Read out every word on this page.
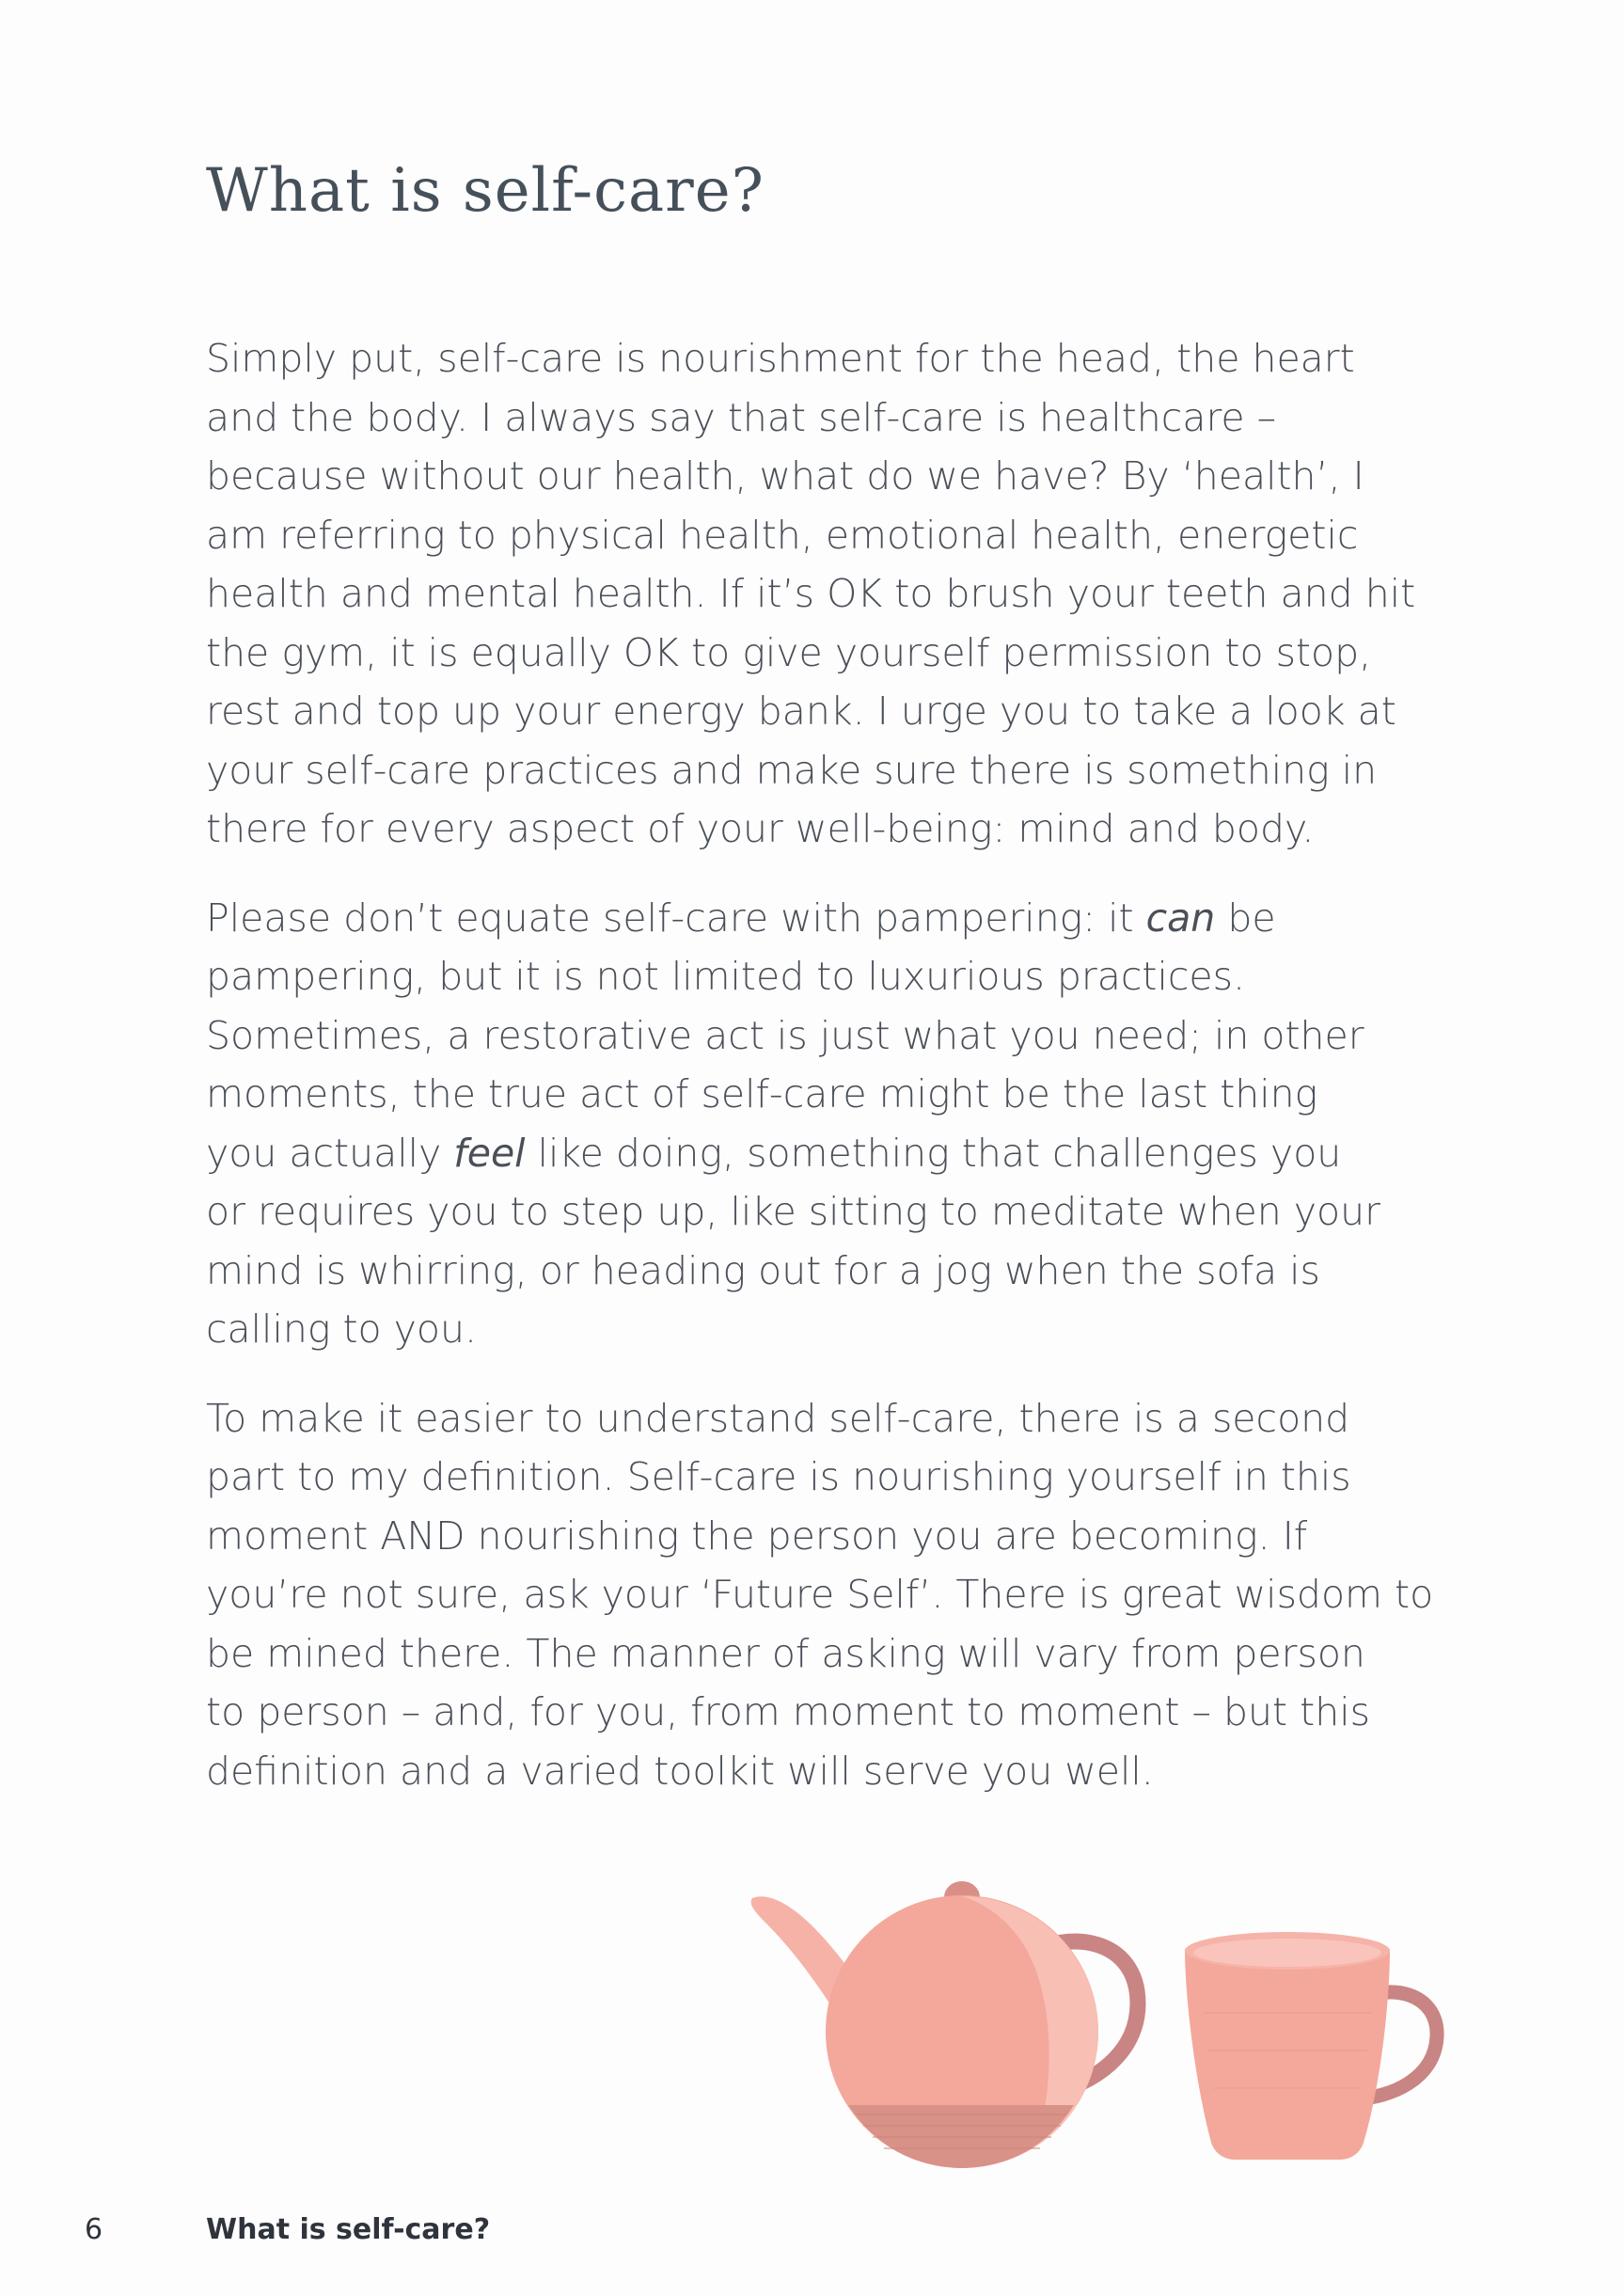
What is self-care?

Simply put, self-care is nourishment for the head, the heart
and the body. I always say that self-care is healthcare –
because without our health, what do we have? By ‘health’, I
am referring to physical health, emotional health, energetic
health and mental health. If it’s OK to brush your teeth and hit
the gym, it is equally OK to give yourself permission to stop,
rest and top up your energy bank. I urge you to take a look at
your self-care practices and make sure there is something in
there for every aspect of your well-being: mind and body.

Please don’t equate self-care with pampering: it can be
pampering, but it is not limited to luxurious practices.
Sometimes, a restorative act is just what you need; in other
moments, the true act of self-care might be the last thing
you actually feel like doing, something that challenges you
or requires you to step up, like sitting to meditate when your
mind is whirring, or heading out for a jog when the sofa is
calling to you.

To make it easier to understand self-care, there is a second
part to my definition. Self-care is nourishing yourself in this
moment AND nourishing the person you are becoming. If
you’re not sure, ask your ‘Future Self’. There is great wisdom to
be mined there. The manner of asking will vary from person
to person – and, for you, from moment to moment – but this
definition and a varied toolkit will serve you well.

6	What is self-care?
